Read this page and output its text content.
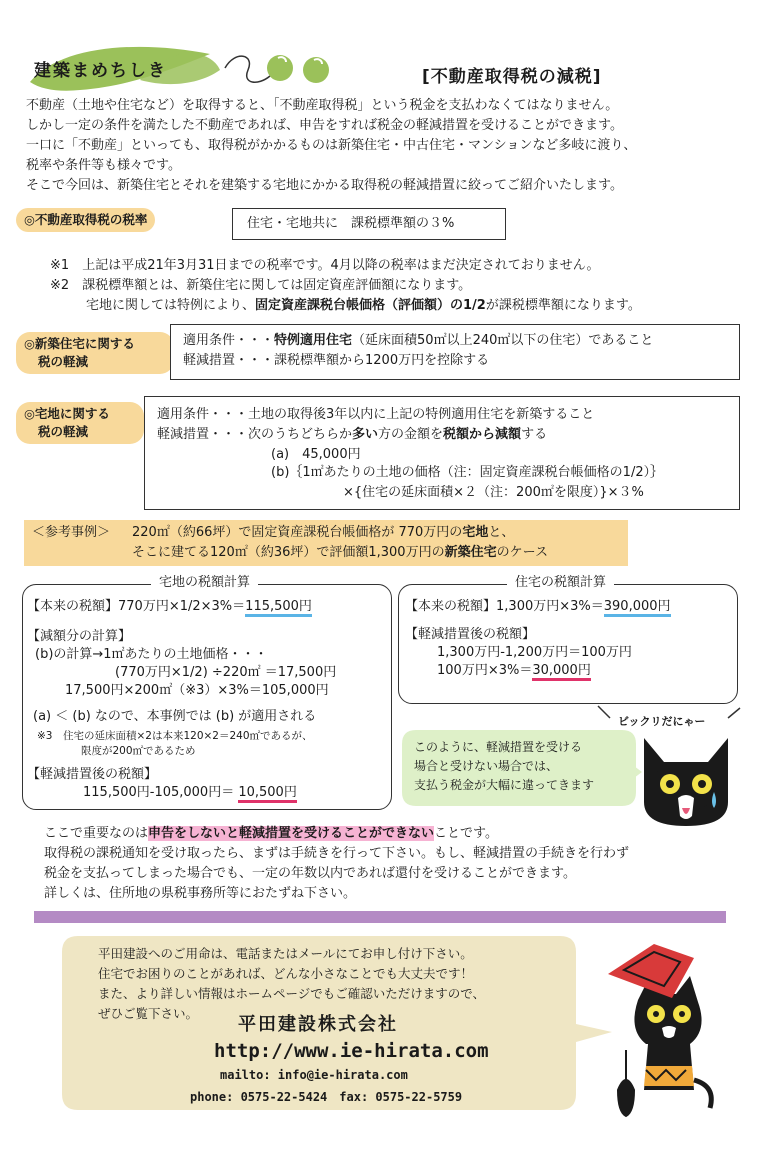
建築まめちしき	[不動産取得税の減税]
不動産（土地や住宅など）を取得すると、「不動産取得税」という税金を支払わなくてはなりません。
しかし一定の条件を満たした不動産であれば、申告をすれば税金の軽減措置を受けることができます。
一口に「不動産」といっても、取得税がかかるものは新築住宅・中古住宅・マンションなど多岐に渡り、
税率や条件等も様々です。
そこで今回は、新築住宅とそれを建築する宅地にかかる取得税の軽減措置に絞ってご紹介いたします。
◎不動産取得税の税率	住宅・宅地共に　課税標準額の３%
※1　 上記は平成21年3月31日までの税率です。4月以降の税率はまだ決定されておりません。
※2　 課税標準額とは、新築住宅に関しては固定資産評価額になります。
宅地に関しては特例により、固定資産課税台帳価格（評価額）の1/2が課税標準額になります。
◎新築住宅に関する
税の軽減
適用条件・・・特例適用住宅（延床面積50㎡以上240㎡以下の住宅）であること
軽減措置・・・課税標準額から1200万円を控除する
◎宅地に関する
税の軽減
適用条件・・・土地の取得後3年以内に上記の特例適用住宅を新築すること
軽減措置・・・次のうちどちらか多い方の金額を税額から減額する
(a)　45,000円
(b)｛1㎡あたりの土地の価格（注：固定資産課税台帳価格の1/2）｝
×{住宅の延床面積×２（注：200㎡を限度）}×３%
＜参考事例＞ 220㎡（約66坪）で固定資産課税台帳価格が 770万円の宅地と、
そこに建てる120㎡（約36坪）で評価額1,300万円の新築住宅のケース
宅地の税額計算
【本来の税額】770万円×1/2×3%＝115,500円
【減額分の計算】
(b)の計算→1㎡あたりの土地価格・・・
(770万円×1/2) ÷220㎡ ＝17,500円
17,500円×200㎡（※3）×3%＝105,000円
(a) ＜ (b) なので、本事例では (b) が適用される
※3　住宅の延床面積×2は本来120×2＝240㎡であるが、
限度が200㎡であるため
【軽減措置後の税額】
115,500円-105,000円＝ 10,500円
住宅の税額計算
【本来の税額】1,300万円×3%＝390,000円
【軽減措置後の税額】
1,300万円-1,200万円＝100万円
100万円×3%＝30,000円
ビックリだにゃー
このように、軽減措置を受ける
場合と受けない場合では、
支払う税金が大幅に違ってきます
ここで重要なのは申告をしないと軽減措置を受けることができないことです。
取得税の課税通知を受け取ったら、まずは手続きを行って下さい。もし、軽減措置の手続きを行わず
税金を支払ってしまった場合でも、一定の年数以内であれば還付を受けることができます。
詳しくは、住所地の県税事務所等におたずね下さい。
平田建設へのご用命は、電話またはメールにてお申し付け下さい。
住宅でお困りのことがあれば、どんな小さなことでも大丈夫です！
また、より詳しい情報はホームページでもご確認いただけますので、
ぜひご覧下さい。
平田建設株式会社
http://www.ie-hirata.com
mailto: info@ie-hirata.com
phone: 0575-22-5424　fax: 0575-22-5759
